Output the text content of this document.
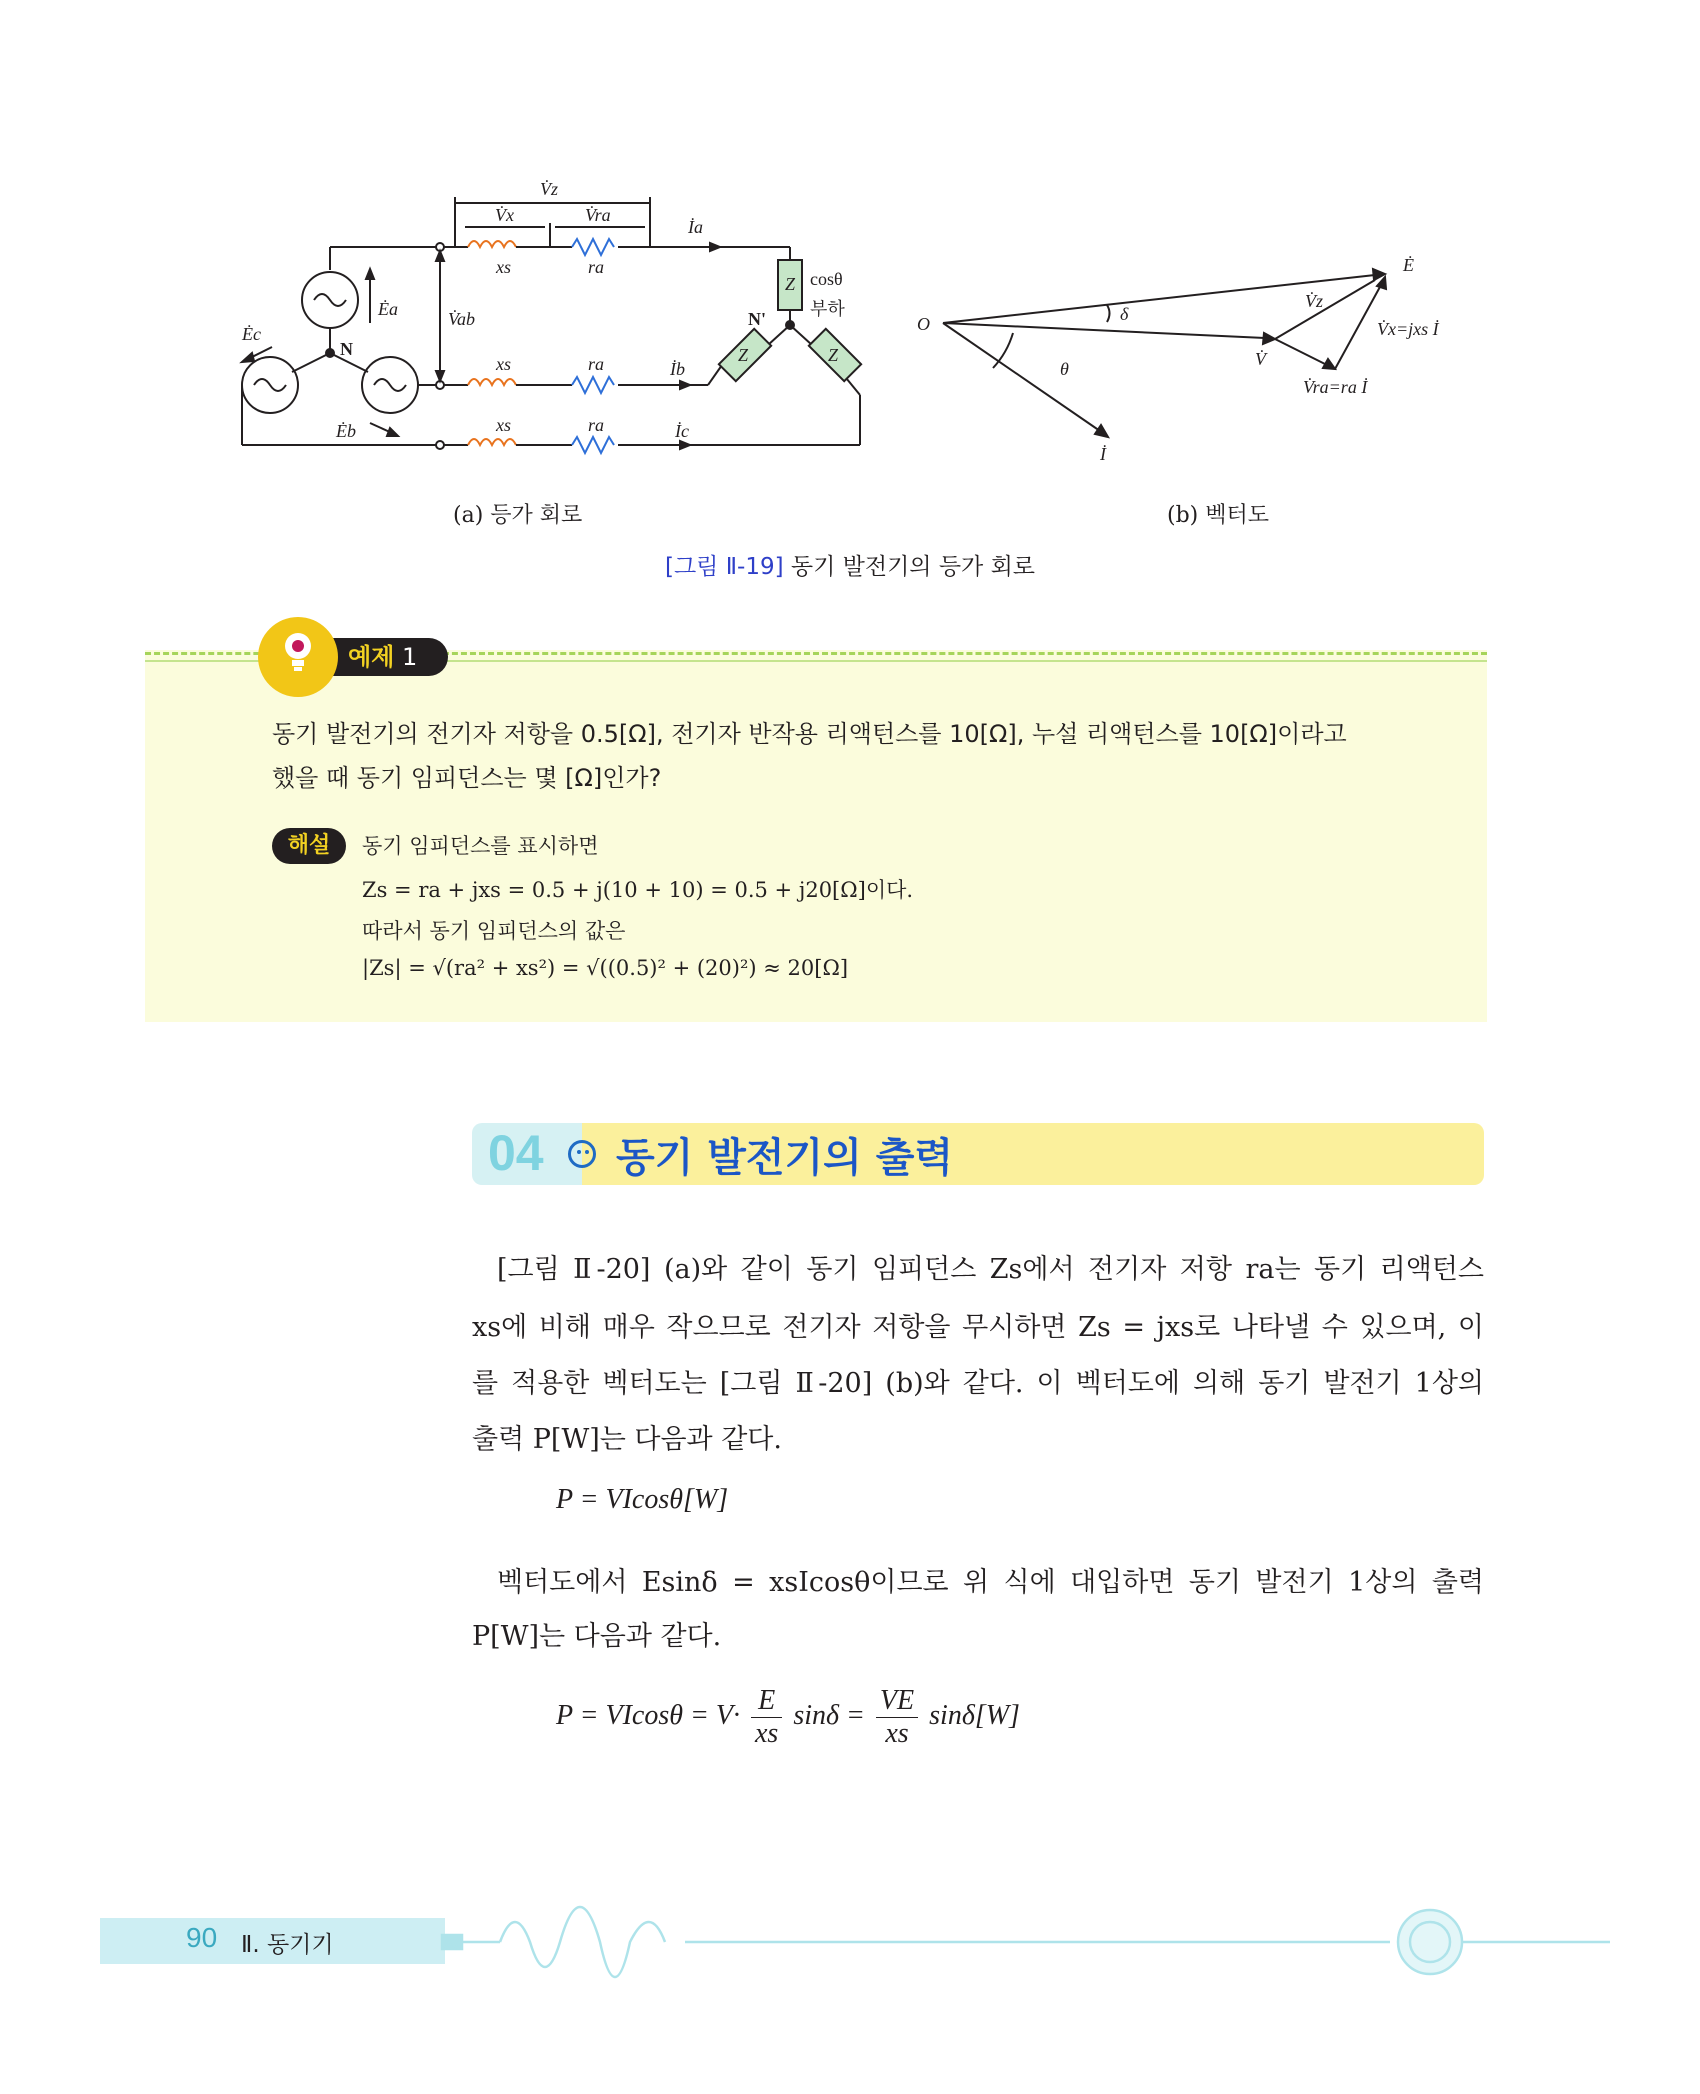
V̇z
V̇x	V̇ra
İa
xs	ra
Ėa
Ėc
N
N'
V̇ab
Z cosθ
부하
Z	Z
xs	ra	İb
Ėb	xs	ra	İc
O
Ė
V̇z
δ
V̇
θ
V̇x=jxs İ
V̇ra=ra İ
İ
(a) 등가 회로	(b) 벡터도
[그림 Ⅱ-19] 동기 발전기의 등가 회로
예제 1
동기 발전기의 전기자 저항을 0.5[Ω], 전기자 반작용 리액턴스를 10[Ω], 누설 리액턴스를 10[Ω]이라고
했을 때 동기 임피던스는 몇 [Ω]인가?
해설	동기 임피던스를 표시하면
Zs = ra + jxs = 0.5 + j(10 + 10) = 0.5 + j20[Ω]이다.
따라서 동기 임피던스의 값은
|Zs| = √(ra² + xs²) = √((0.5)² + (20)²) ≈ 20[Ω]
04 동기 발전기의 출력
[그림 Ⅱ-20] (a)와 같이 동기 임피던스 Zs에서 전기자 저항 ra는 동기 리액턴스
xs에 비해 매우 작으므로 전기자 저항을 무시하면 Zs = jxs로 나타낼 수 있으며, 이
를 적용한 벡터도는 [그림 Ⅱ-20] (b)와 같다. 이 벡터도에 의해 동기 발전기 1상의
출력 P[W]는 다음과 같다.
P = VIcosθ[W]
벡터도에서 Esinδ = xsIcosθ이므로 위 식에 대입하면 동기 발전기 1상의 출력
P[W]는 다음과 같다.
$P = VIcos\theta = V\cdot \frac{E}{xs}$ $\sin\delta = \frac{VE}{xs} \sin\delta[W]$
90 Ⅱ. 동기기
